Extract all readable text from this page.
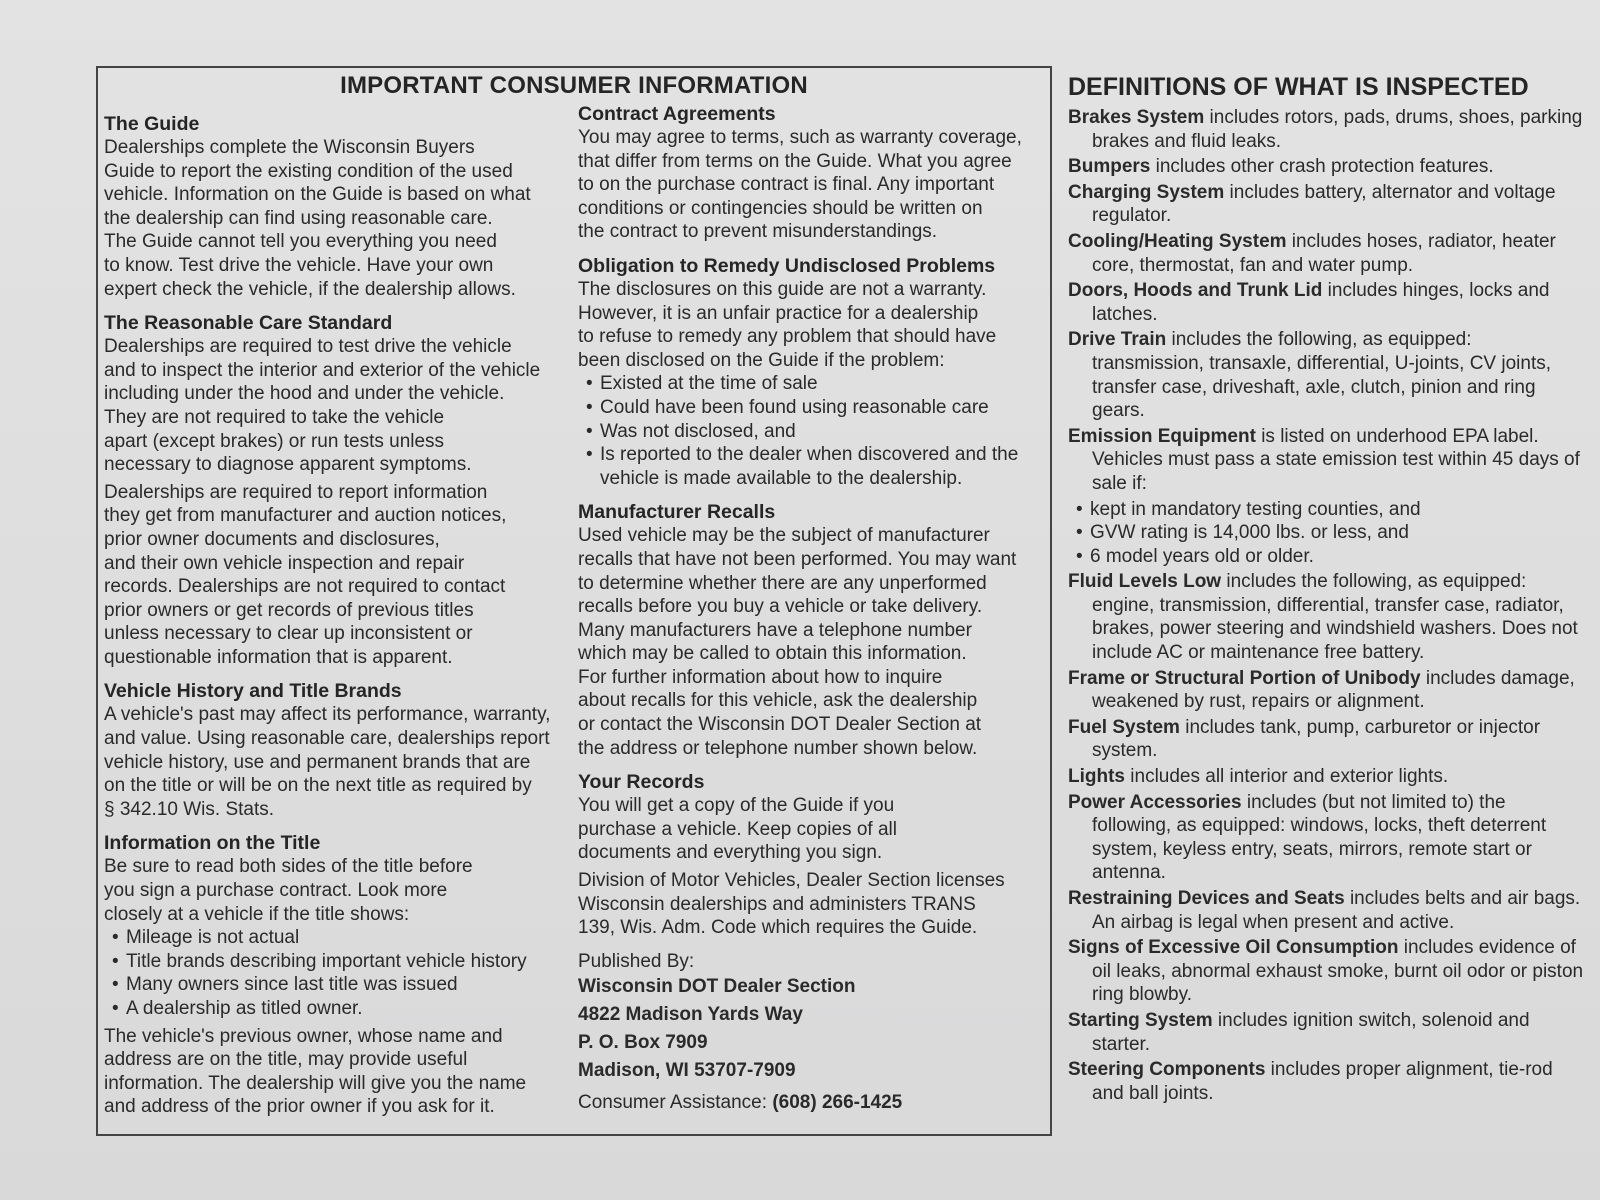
IMPORTANT CONSUMER INFORMATION
The Guide
Dealerships complete the Wisconsin Buyers
Guide to report the existing condition of the used
vehicle. Information on the Guide is based on what
the dealership can find using reasonable care.
The Guide cannot tell you everything you need
to know. Test drive the vehicle. Have your own
expert check the vehicle, if the dealership allows.
The Reasonable Care Standard
Dealerships are required to test drive the vehicle
and to inspect the interior and exterior of the vehicle
including under the hood and under the vehicle.
They are not required to take the vehicle
apart (except brakes) or run tests unless
necessary to diagnose apparent symptoms.
Dealerships are required to report information
they get from manufacturer and auction notices,
prior owner documents and disclosures,
and their own vehicle inspection and repair
records. Dealerships are not required to contact
prior owners or get records of previous titles
unless necessary to clear up inconsistent or
questionable information that is apparent.
Vehicle History and Title Brands
A vehicle's past may affect its performance, warranty,
and value. Using reasonable care, dealerships report
vehicle history, use and permanent brands that are
on the title or will be on the next title as required by
§ 342.10 Wis. Stats.
Information on the Title
Be sure to read both sides of the title before
you sign a purchase contract. Look more
closely at a vehicle if the title shows:
• Mileage is not actual
• Title brands describing important vehicle history
• Many owners since last title was issued
• A dealership as titled owner.
The vehicle's previous owner, whose name and
address are on the title, may provide useful
information. The dealership will give you the name
and address of the prior owner if you ask for it.
Contract Agreements
You may agree to terms, such as warranty coverage,
that differ from terms on the Guide. What you agree
to on the purchase contract is final. Any important
conditions or contingencies should be written on
the contract to prevent misunderstandings.
Obligation to Remedy Undisclosed Problems
The disclosures on this guide are not a warranty.
However, it is an unfair practice for a dealership
to refuse to remedy any problem that should have
been disclosed on the Guide if the problem:
• Existed at the time of sale
• Could have been found using reasonable care
• Was not disclosed, and
• Is reported to the dealer when discovered and the vehicle is made available to the dealership.
Manufacturer Recalls
Used vehicle may be the subject of manufacturer
recalls that have not been performed. You may want
to determine whether there are any unperformed
recalls before you buy a vehicle or take delivery.
Many manufacturers have a telephone number
which may be called to obtain this information.
For further information about how to inquire
about recalls for this vehicle, ask the dealership
or contact the Wisconsin DOT Dealer Section at
the address or telephone number shown below.
Your Records
You will get a copy of the Guide if you
purchase a vehicle. Keep copies of all
documents and everything you sign.
Division of Motor Vehicles, Dealer Section licenses
Wisconsin dealerships and administers TRANS
139, Wis. Adm. Code which requires the Guide.

Published By:

Wisconsin DOT Dealer Section
4822 Madison Yards Way
P. O. Box 7909
Madison, WI 53707-7909

Consumer Assistance: (608) 266-1425

DEFINITIONS OF WHAT IS INSPECTED

Brakes System includes rotors, pads, drums, shoes, parking brakes and fluid leaks.

Bumpers includes other crash protection features.

Charging System includes battery, alternator and voltage regulator.

Cooling/Heating System includes hoses, radiator, heater core, thermostat, fan and water pump.

Doors, Hoods and Trunk Lid includes hinges, locks and latches.

Drive Train includes the following, as equipped: transmission, transaxle, differential, U-joints, CV joints, transfer case, driveshaft, axle, clutch, pinion and ring gears.

Emission Equipment is listed on underhood EPA label. Vehicles must pass a state emission test within 45 days of sale if:

• kept in mandatory testing counties, and
• GVW rating is 14,000 lbs. or less, and
• 6 model years old or older.

Fluid Levels Low includes the following, as equipped: engine, transmission, differential, transfer case, radiator, brakes, power steering and windshield washers. Does not include AC or maintenance free battery.

Frame or Structural Portion of Unibody includes damage, weakened by rust, repairs or alignment.

Fuel System includes tank, pump, carburetor or injector system.

Lights includes all interior and exterior lights.

Power Accessories includes (but not limited to) the following, as equipped: windows, locks, theft deterrent system, keyless entry, seats, mirrors, remote start or antenna.

Restraining Devices and Seats includes belts and air bags. An airbag is legal when present and active.

Signs of Excessive Oil Consumption includes evidence of oil leaks, abnormal exhaust smoke, burnt oil odor or piston ring blowby.

Starting System includes ignition switch, solenoid and starter.

Steering Components includes proper alignment, tie-rod and ball joints.
